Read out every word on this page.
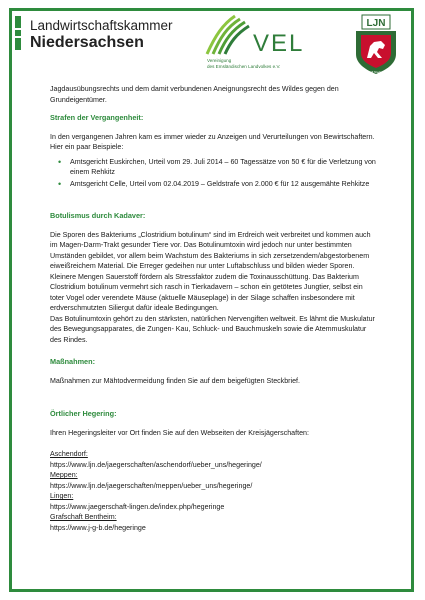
Landwirtschaftskammer
Niedersachsen	VEL
Vereinigung
des Emsländischen Landvolkes e.V.
LJN
Jägerschaft Niedersachsen

Jagdausübungsrechts und dem damit verbundenen Aneignungsrecht des Wildes gegen den Grundeigentümer.

Strafen der Vergangenheit:

In den vergangenen Jahren kam es immer wieder zu Anzeigen und Verurteilungen von Bewirtschaftern. Hier ein paar Beispiele:

• Amtsgericht Euskirchen, Urteil vom 29. Juli 2014 – 60 Tagessätze von 50 € für die Verletzung von einem Rehkitz
• Amtsgericht Celle, Urteil vom 02.04.2019 – Geldstrafe von 2.000 € für 12 ausgemähte Rehkitze

Botulismus durch Kadaver:

Die Sporen des Bakteriums „Clostridium botulinum“ sind im Erdreich weit verbreitet und kommen auch im Magen-Darm-Trakt gesunder Tiere vor. Das Botulinumtoxin wird jedoch nur unter bestimmten Umständen gebildet, vor allem beim Wachstum des Bakteriums in sich zersetzendem/abgestorbenem eiweißreichem Material. Die Erreger gedeihen nur unter Luftabschluss und bilden wieder Sporen. Kleinere Mengen Sauerstoff fördern als Stressfaktor zudem die Toxinausschüttung. Das Bakterium Clostridium botulinum vermehrt sich rasch in Tierkadavern – schon ein getötetes Jungtier, selbst ein toter Vogel oder verendete Mäuse (aktuelle Mäuseplage) in der Silage schaffen insbesondere mit erdverschmutzten Siliergut dafür ideale Bedingungen.

Das Botulinumtoxin gehört zu den stärksten, natürlichen Nervengiften weltweit. Es lähmt die Muskulatur des Bewegungsapparates, die Zungen- Kau, Schluck- und Bauchmuskeln sowie die Atemmuskulatur des Rindes.

Maßnahmen:

Maßnahmen zur Mähtodvermeidung finden Sie auf dem beigefügten Steckbrief.

Örtlicher Hegering:

Ihren Hegeringsleiter vor Ort finden Sie auf den Webseiten der Kreisjägerschaften:

Aschendorf:
https://www.ljn.de/jaegerschaften/aschendorf/ueber_uns/hegeringe/
Meppen:
https://www.ljn.de/jaegerschaften/meppen/ueber_uns/hegeringe/
Lingen:
https://www.jaegerschaft-lingen.de/index.php/hegeringe
Grafschaft Bentheim:
https://www.j-g-b.de/hegeringe
